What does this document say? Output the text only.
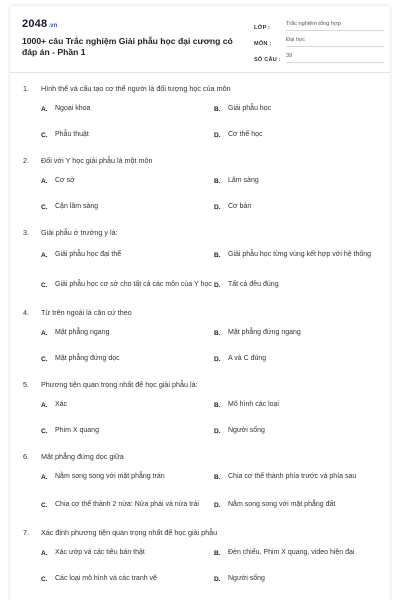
2048.vn
1000+ câu Trắc nghiệm Giải phẫu học đại cương có đáp án - Phần 1
LỚP :
Trắc nghiệm tổng hợp
MÔN :
Đại học
SỐ CÂU :
39
1.	Hình thể và cấu tạo cơ thể người là đối tượng học của môn
A.	Ngoại khoa	B.	Giải phẫu học
C.	Phẫu thuật	D.	Cơ thể học
2.	Đối với Y học giải phẫu là một môn
A.	Cơ sở	B.	Lâm sàng
C.	Cận lâm sàng	D.	Cơ bản
3.	Giải phẫu ở trường y là:
A.	Giải phẫu học đại thể	B.	Giải phẫu học từng vùng kết hợp với hệ thống
C.	Giải phẫu học cơ sở cho tất cả các môn của Y học D.	Tất cả đều đúng
4.	Từ trên ngoài là căn cứ theo
A.	Mặt phẳng ngang	B.	Mặt phẳng đứng ngang
C.	Mặt phẳng đứng dọc	D.	A và C đúng
5.	Phương tiện quan trọng nhất để học giải phẫu là:
A.	Xác	B.	Mô hình các loại
C.	Phim X quang	D.	Người sống
6.	Mặt phẳng đứng dọc giữa
A.	Nằm song song với mặt phẳng trán	B.	Chia cơ thể thành phía trước và phía sau
C.	Chia cơ thể thành 2 nửa: Nửa phải và nửa trái	D.	Nằm song song với mặt phẳng đất
7.	Xác định phương tiện quan trọng nhất để học giải phẫu
A.	Xác ướp và các tiêu bản thật	B.	Đèn chiếu, Phim X quang, video hiện đại
C.	Các loại mô hình và các tranh vẽ	D.	Người sống
